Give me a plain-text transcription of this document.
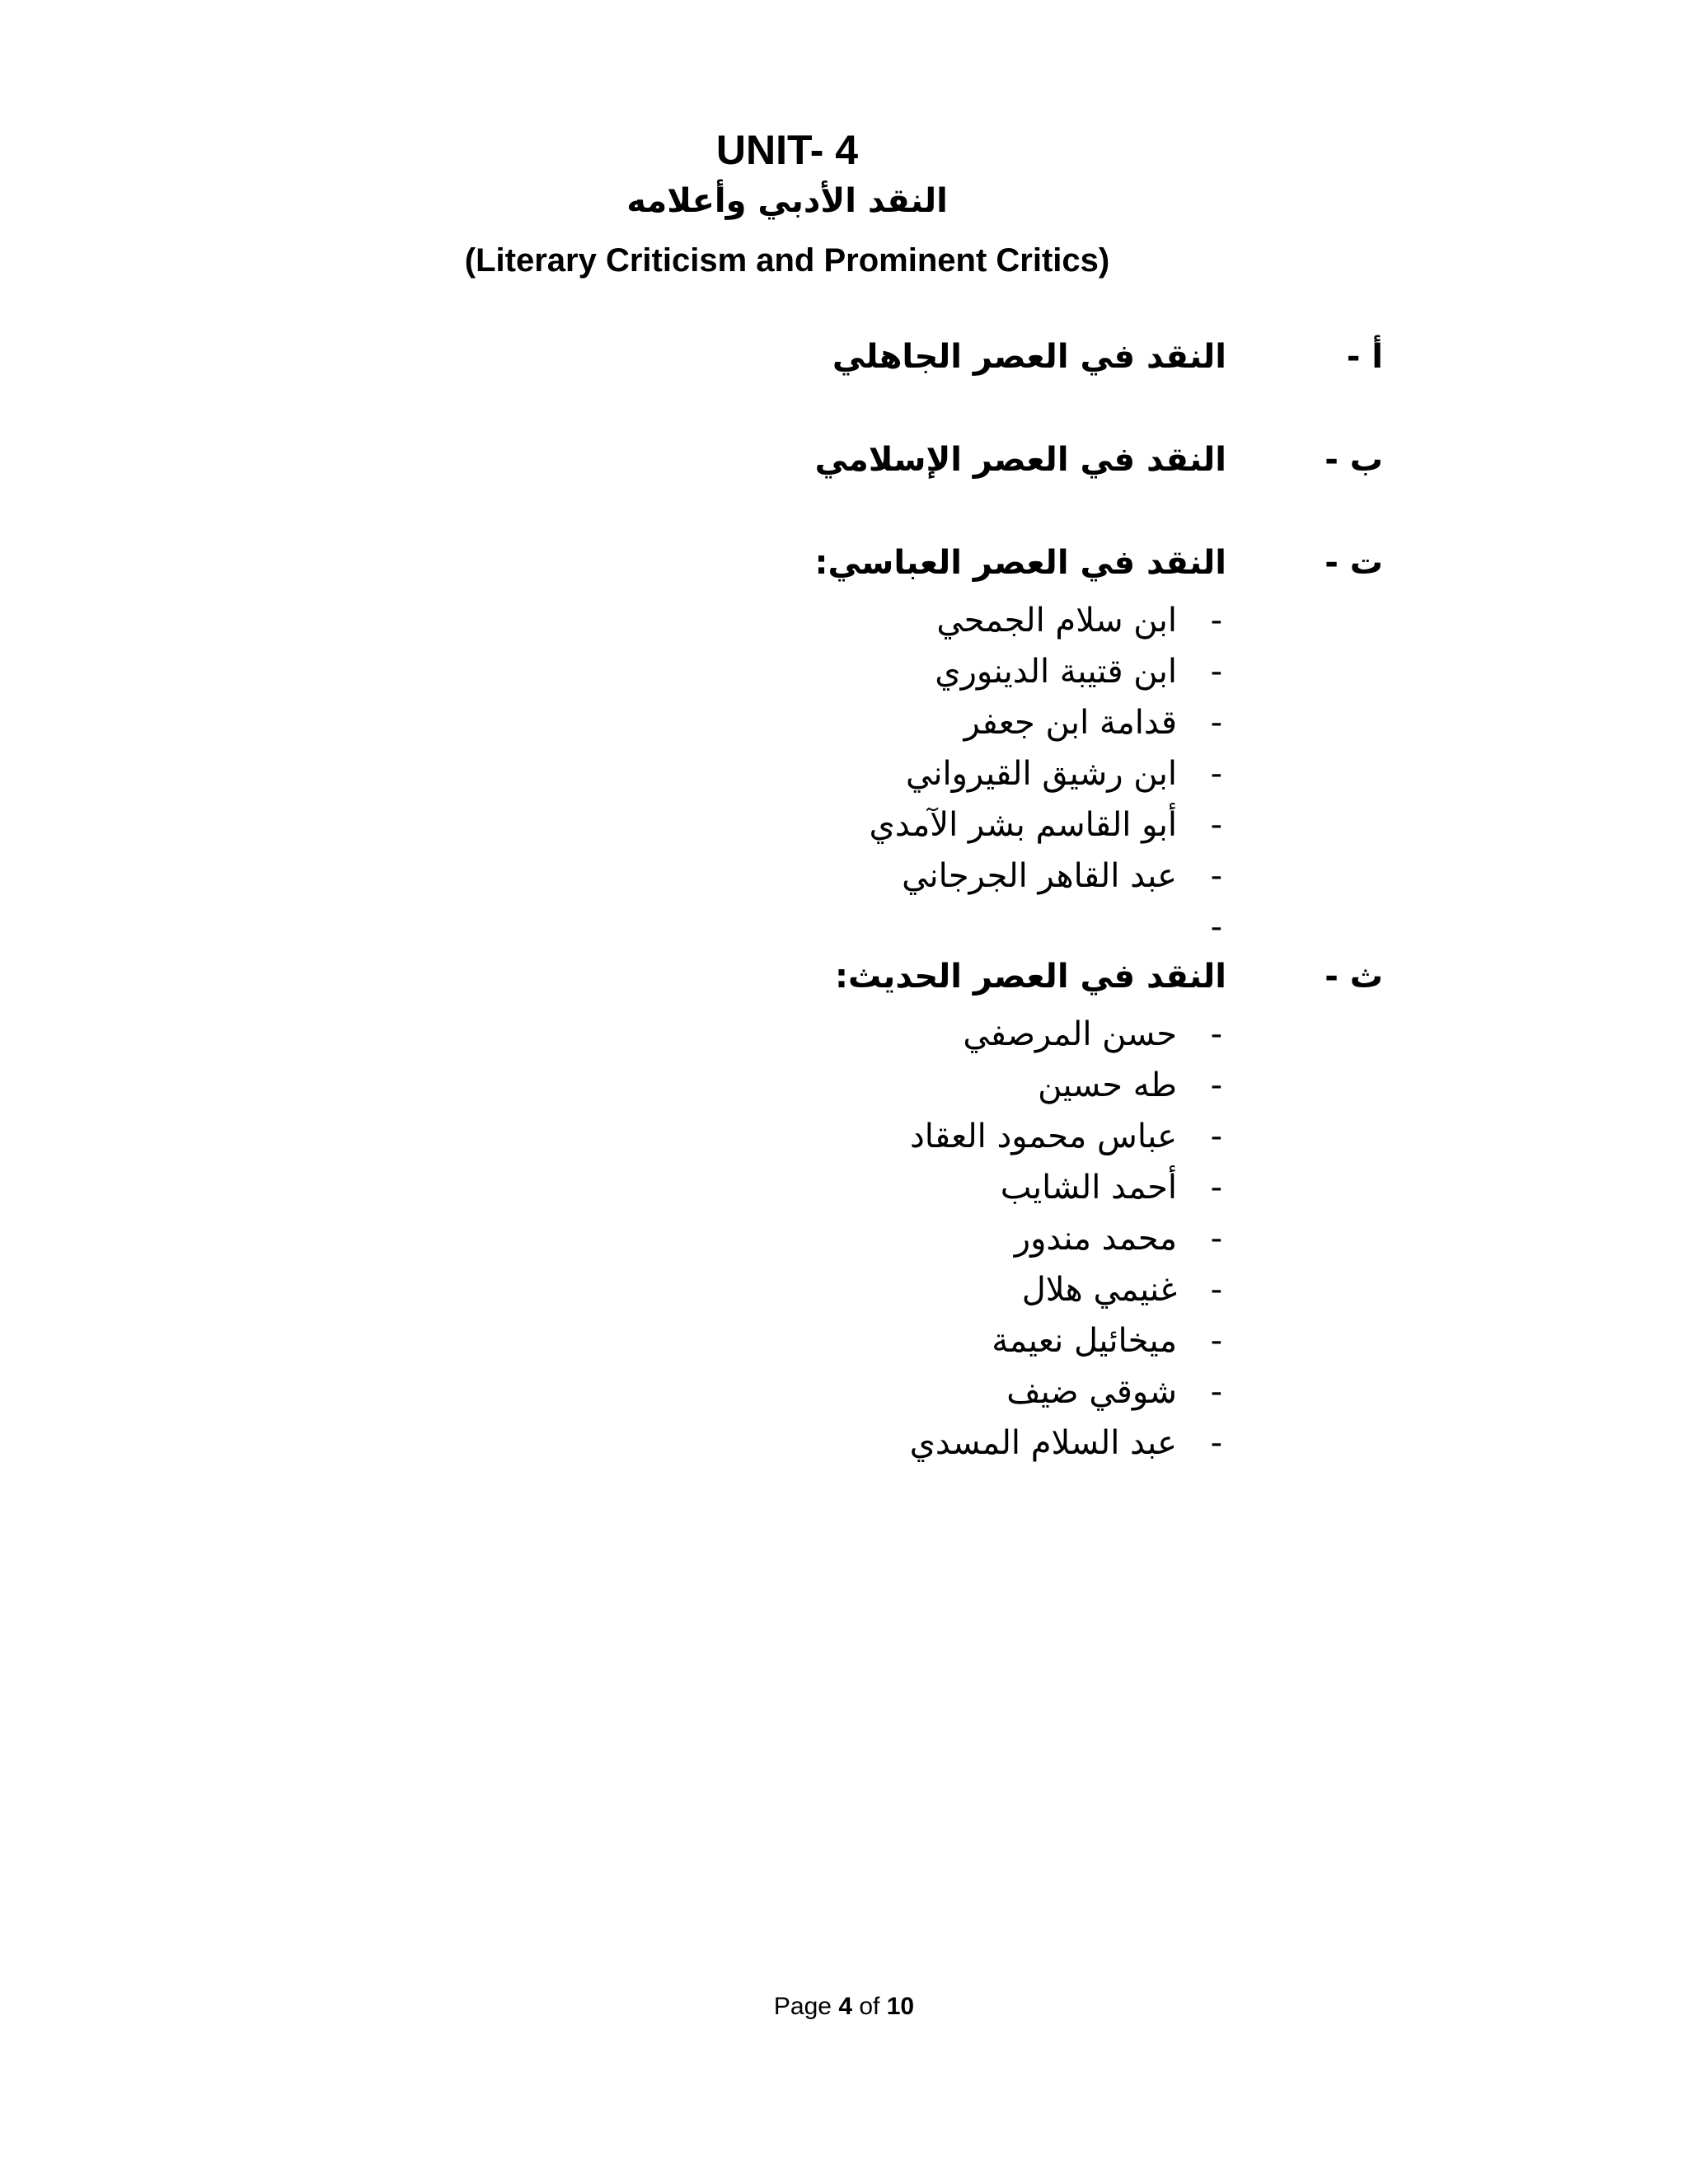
UNIT- 4
النقد الأدبي وأعلامه
(Literary Criticism and Prominent Critics)
أ -
النقد في العصر الجاهلي
ب -
النقد في العصر الإسلامي
ت -
النقد في العصر العباسي:
-
ابن سلام الجمحي
-
ابن قتيبة الدينوري
-
قدامة ابن جعفر
-
ابن رشيق القيرواني
-
أبو القاسم بشر الآمدي
-
عبد القاهر الجرجاني
-
ث -
النقد في العصر الحديث:
-
حسن المرصفي
-
طه حسين
-
عباس محمود العقاد
-
أحمد الشايب
-
محمد مندور
-
غنيمي هلال
-
ميخائيل نعيمة
-
شوقي ضيف
-
عبد السلام المسدي
Page 4 of 10
